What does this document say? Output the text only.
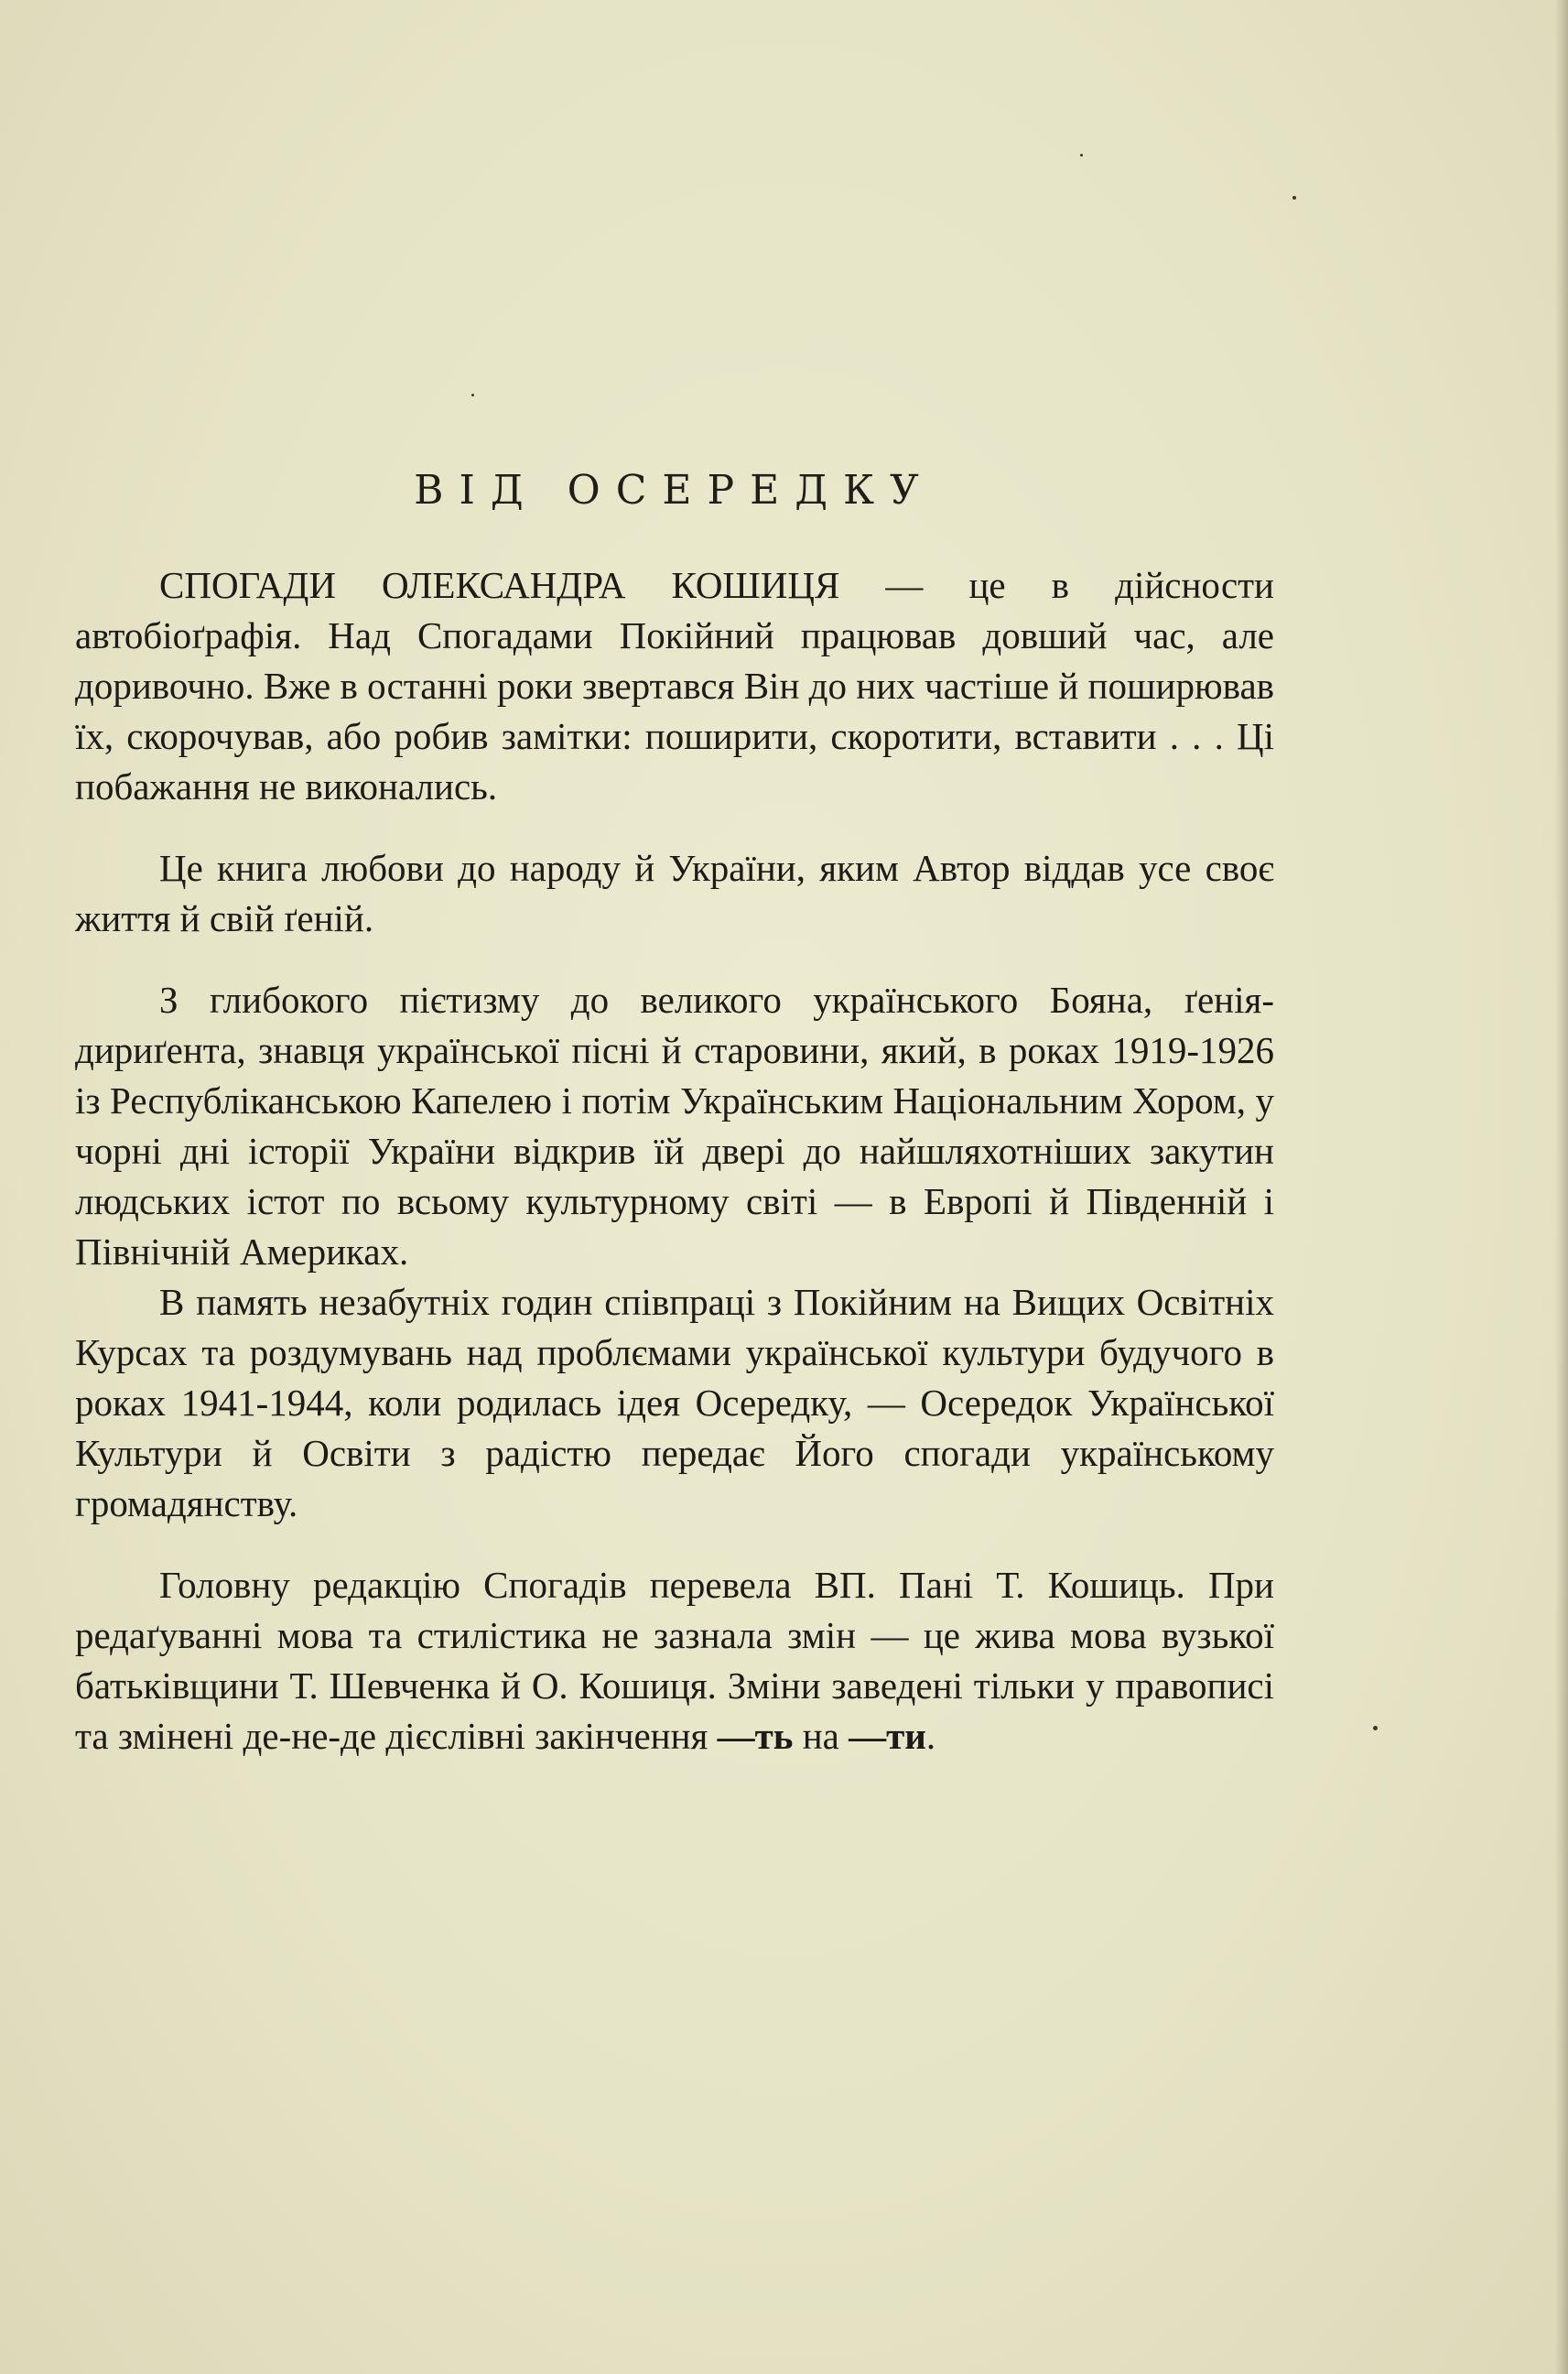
ВІД ОСЕРЕДКУ

СПОГАДИ ОЛЕКСАНДРА КОШИЦЯ — це в дійсности автобіоґрафія. Над Спогадами Покійний працював довший час, але доривочно. Вже в останні роки звертався Він до них частіше й поширював їх, скорочував, або робив замітки: поширити, скоротити, вставити . . . Ці побажання не виконались.

Це книга любови до народу й України, яким Автор віддав усе своє життя й свій ґеній.

З глибокого пієтизму до великого українського Бояна, ґенія-дириґента, знавця української пісні й старовини, який, в роках 1919-1926 із Республіканською Капелею і потім Українським Національним Хором, у чорні дні історії України відкрив їй двері до найшляхотніших закутин людських істот по всьому культурному світі — в Европі й Південній і Північній Америках.

В память незабутніх годин співпраці з Покійним на Вищих Освітніх Курсах та роздумувань над проблємами української культури будучого в роках 1941-1944, коли родилась ідея Осередку, — Осередок Української Культури й Освіти з радістю передає Його спогади українському громадянству.

Головну редакцію Спогадів перевела ВП. Пані Т. Кошиць. При редаґуванні мова та стилістика не зазнала змін — це жива мова вузької батьківщини Т. Шевченка й О. Кошиця. Зміни заведені тільки у правописі та змінені де-не-де дієслівні закінчення —ть на —ти.
